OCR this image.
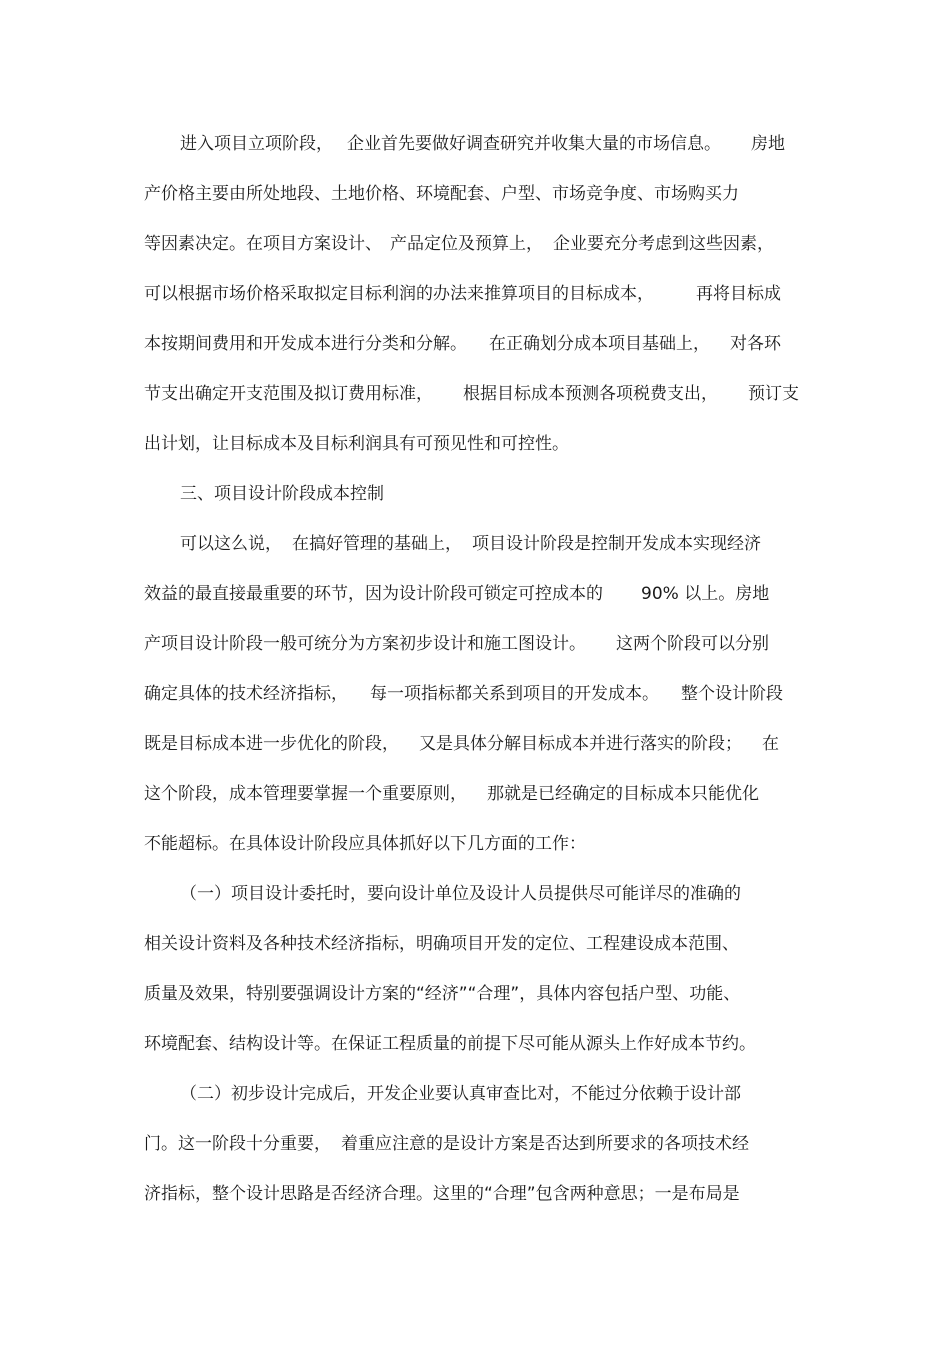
进入项目立项阶段， 企业首先要做好调查研究并收集大量的市场信息。 房地
产价格主要由所处地段、土地价格、环境配套、户型、市场竞争度、市场购买力
等因素决定。在项目方案设计、 产品定位及预算上， 企业要充分考虑到这些因素，
可以根据市场价格采取拟定目标利润的办法来推算项目的目标成本， 再将目标成
本按期间费用和开发成本进行分类和分解。 在正确划分成本项目基础上， 对各环
节支出确定开支范围及拟订费用标准， 根据目标成本预测各项税费支出， 预订支
出计划，让目标成本及目标利润具有可预见性和可控性。
三、项目设计阶段成本控制
可以这么说， 在搞好管理的基础上， 项目设计阶段是控制开发成本实现经济
效益的最直接最重要的环节，因为设计阶段可锁定可控成本的 90% 以上。房地
产项目设计阶段一般可统分为方案初步设计和施工图设计。 这两个阶段可以分别
确定具体的技术经济指标， 每一项指标都关系到项目的开发成本。 整个设计阶段
既是目标成本进一步优化的阶段， 又是具体分解目标成本并进行落实的阶段； 在
这个阶段，成本管理要掌握一个重要原则， 那就是已经确定的目标成本只能优化
不能超标。在具体设计阶段应具体抓好以下几方面的工作：
（一）项目设计委托时，要向设计单位及设计人员提供尽可能详尽的准确的
相关设计资料及各种技术经济指标，明确项目开发的定位、工程建设成本范围、
质量及效果，特别要强调设计方案的“经济”“合理”，具体内容包括户型、功能、
环境配套、结构设计等。在保证工程质量的前提下尽可能从源头上作好成本节约。
（二）初步设计完成后，开发企业要认真审查比对，不能过分依赖于设计部
门。这一阶段十分重要， 着重应注意的是设计方案是否达到所要求的各项技术经
济指标，整个设计思路是否经济合理。这里的“合理”包含两种意思；一是布局是
